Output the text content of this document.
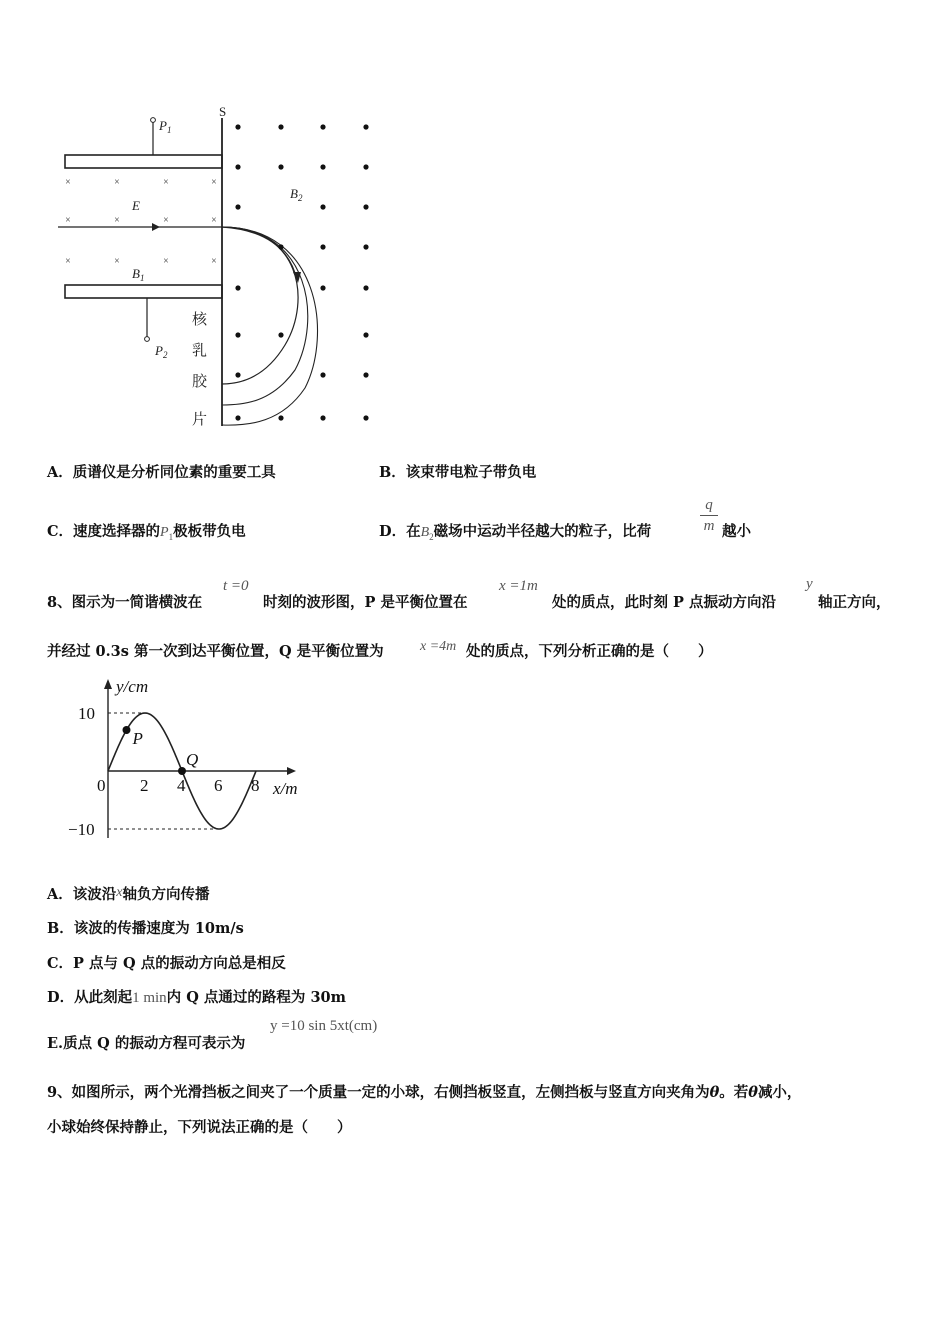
×	×	×	×
×	×	×	×
×	×	×	×
S
$P_1$
$P_2$
E
$B_1$
$B_2$
核
乳
胶
片
A．质谱仪是分析同位素的重要工具	B．该束带电粒子带负电
C．速度选择器的$P_1$极板带负电	D．在$B_2$磁场中运动半径越大的粒子，比荷	越小
q
m
8、图示为一简谐横波在
t =0
时刻的波形图，P 是平衡位置在
x =1m
处的质点，此时刻 P 点振动方向沿
y
轴正方向，
并经过 0.3s 第一次到达平衡位置，Q 是平衡位置为	x =4m 处的质点，下列分析正确的是（　　）
P
Q
0 2 4 6 8
10
−10
y/cm
x/m
A．该波沿x轴负方向传播
B．该波的传播速度为 10m/s
C．P 点与 Q 点的振动方向总是相反
D．从此刻起1 min内 Q 点通过的路程为 30m
E.质点 Q 的振动方程可表示为
y =10 sin 5xt(cm)
9、如图所示，两个光滑挡板之间夹了一个质量一定的小球，右侧挡板竖直，左侧挡板与竖直方向夹角为θ。若θ减小，
小球始终保持静止，下列说法正确的是（　　）
